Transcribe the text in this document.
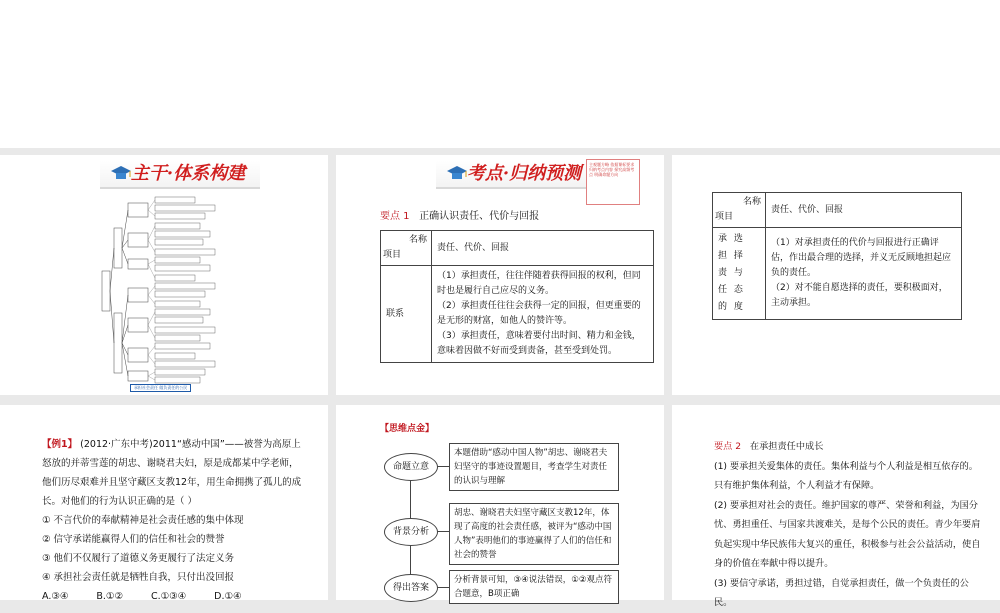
主干·体系构建
承担社会责任 做负责任的公民
考点·归纳预测	主观题方略 依据课标要求 归纳考点内容 探究高频考点 明确命题方向
要点 1 正确认识责任、代价与回报
名称
项目	责任、代价、回报
联系	（1）承担责任，往往伴随着获得回报的权利，但同时也是履行自己应尽的义务。
（2）承担责任往往会获得一定的回报，但更重要的是无形的财富，如他人的赞许等。
（3）承担责任，意味着要付出时间、精力和金钱，意味着因做不好而受到责备，甚至受到处罚。
名称
项目	责任、代价、回报
承 选 担 择 责 与 任 态 的 度	（1）对承担责任的代价与回报进行正确评估，作出最合理的选择，并义无反顾地担起应负的责任。
（2）对不能自愿选择的责任，要积极面对，主动承担。
【例1】 (2012·广东中考)2011“感动中国”——被誉为高原上怒放的并蒂雪莲的胡忠、谢晓君夫妇，原是成都某中学老师，他们历尽艰难并且坚守藏区支教12年，用生命拥携了孤儿的成长。对他们的行为认识正确的是（ ）
① 不言代价的奉献精神是社会责任感的集中体现
② 信守承诺能赢得人们的信任和社会的赞誉
③ 他们不仅履行了道德义务更履行了法定义务
④ 承担社会责任就是牺牲自我，只付出没回报
A.③④	B.①②	C.①③④	D.①④
【思维点金】
命题立意
本题借助“感动中国人物”胡忠、谢晓君夫妇坚守的事迹设置题目，考查学生对责任的认识与理解
背景分析
胡忠、谢晓君夫妇坚守藏区支教12年，体现了高度的社会责任感，被评为“感动中国人物”表明他们的事迹赢得了人们的信任和社会的赞誉
得出答案
分析背景可知，③④说法错误，①②观点符合题意，B项正确
要点 2 在承担责任中成长
(1) 要承担关爱集体的责任。集体利益与个人利益是相互依存的。只有维护集体利益，个人利益才有保障。
(2) 要承担对社会的责任。维护国家的尊严、荣誉和利益，为国分忧、勇担重任、与国家共渡难关，是每个公民的责任。青少年要肩负起实现中华民族伟大复兴的重任，积极参与社会公益活动，使自身的价值在奉献中得以提升。
(3) 要信守承诺，勇担过错，自觉承担责任，做一个负责任的公民。
